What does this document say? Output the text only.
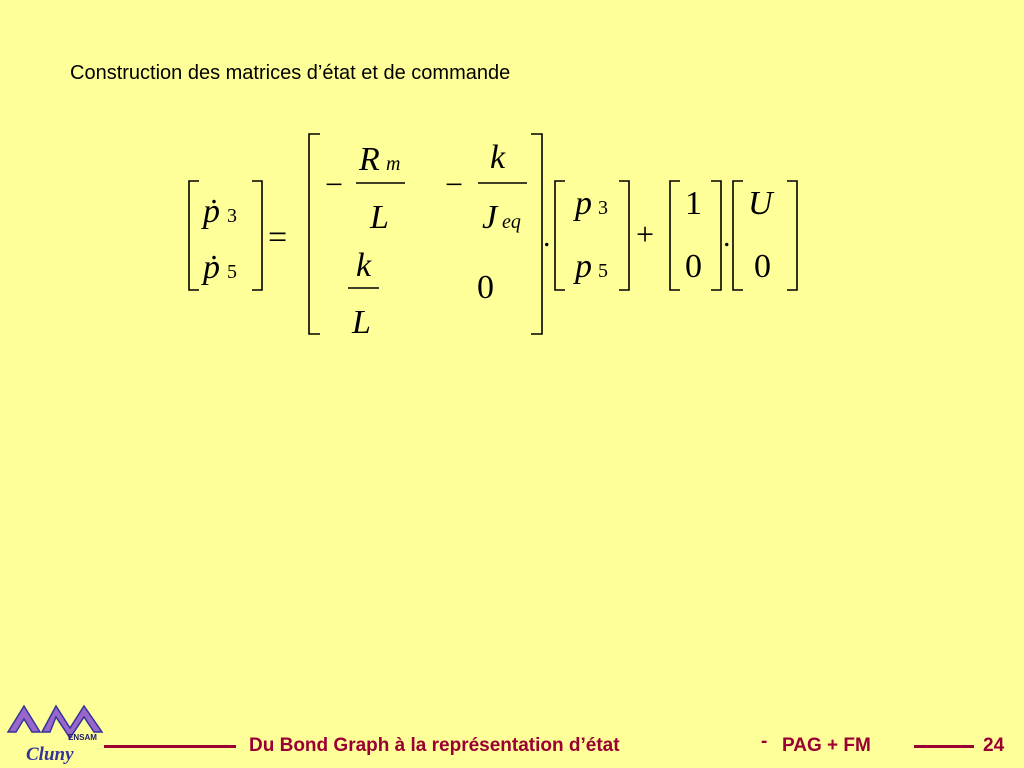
Construction des matrices d’état et de commande
ṗ 3
ṗ 5
=
−
R m
L
−
k
J eq
k
L
0
.
p 3
p 5
+
1
0
.
U
0
ENSAM
Cluny	Du Bond Graph à la représentation d’état	- PAG + FM	24
